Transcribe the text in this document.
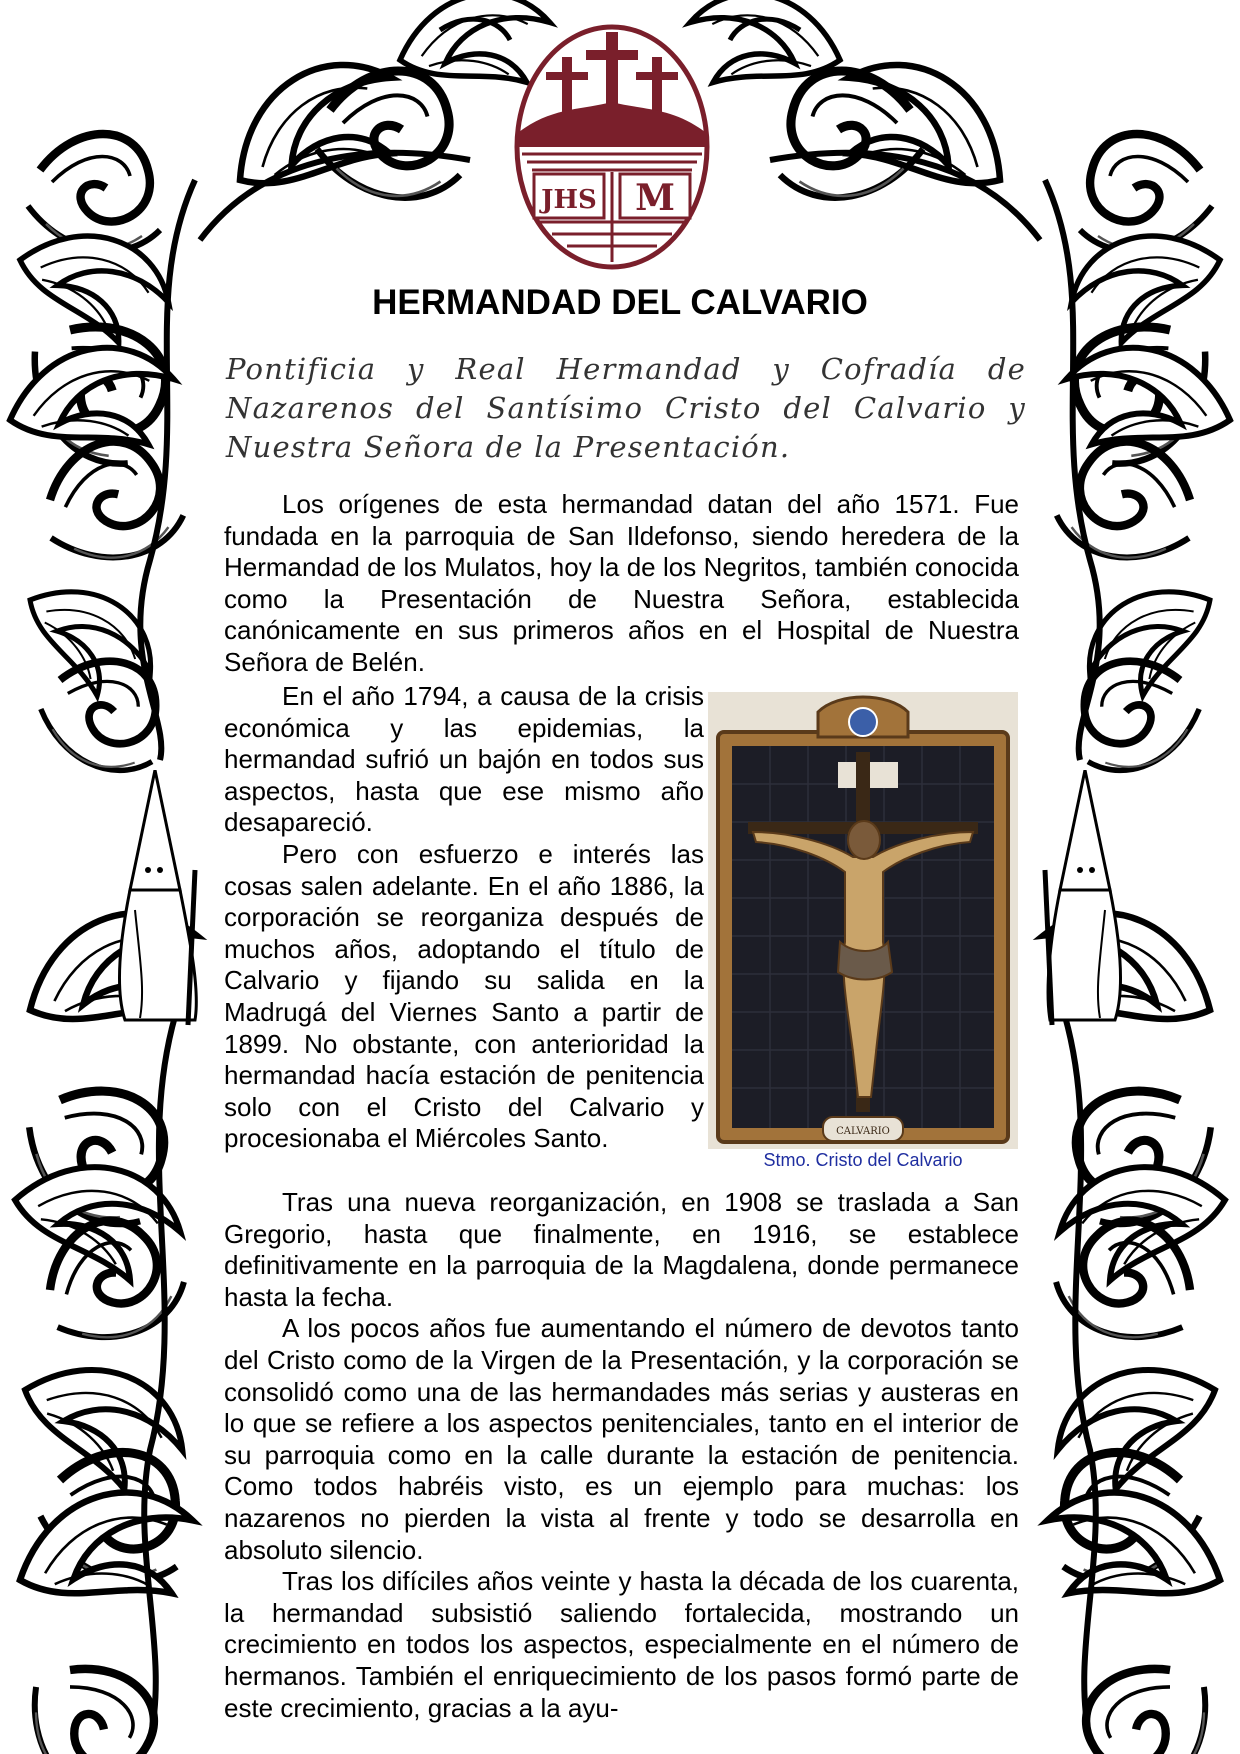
JHS M
HERMANDAD DEL CALVARIO

Pontificia y Real Hermandad y Cofradía de Nazarenos del Santísimo Cristo del Calvario y Nuestra Señora de la Presentación.

Los orígenes de esta hermandad datan del año 1571. Fue fundada en la parroquia de San Ildefonso, siendo heredera de la Hermandad de los Mulatos, hoy la de los Negritos, también conocida como la Presentación de Nuestra Señora, establecida canónicamente en sus primeros años en el Hospital de Nuestra Señora de Belén.

En el año 1794, a causa de la crisis económica y las epidemias, la hermandad sufrió un bajón en todos sus aspectos, hasta que ese mismo año desapareció.

Pero con esfuerzo e interés las cosas salen adelante. En el año 1886, la corporación se reorganiza después de muchos años, adoptando el título de Calvario y fijando su salida en la Madrugá del Viernes Santo a partir de 1899. No obstante, con anterioridad la hermandad hacía estación de penitencia solo con el Cristo del Calvario y procesionaba el Miércoles Santo.	CALVARIO

Stmo. Cristo del Calvario

Tras una nueva reorganización, en 1908 se traslada a San Gregorio, hasta que finalmente, en 1916, se establece definitivamente en la parroquia de la Magdalena, donde permanece hasta la fecha.

A los pocos años fue aumentando el número de devotos tanto del Cristo como de la Virgen de la Presentación, y la corporación se consolidó como una de las hermandades más serias y austeras en lo que se refiere a los aspectos penitenciales, tanto en el interior de su parroquia como en la calle durante la estación de penitencia. Como todos habréis visto, es un ejemplo para muchas: los nazarenos no pierden la vista al frente y todo se desarrolla en absoluto silencio.

Tras los difíciles años veinte y hasta la década de los cuarenta, la hermandad subsistió saliendo fortalecida, mostrando un crecimiento en todos los aspectos, especialmente en el número de hermanos. También el enriquecimiento de los pasos formó parte de este crecimiento, gracias a la ayu-
